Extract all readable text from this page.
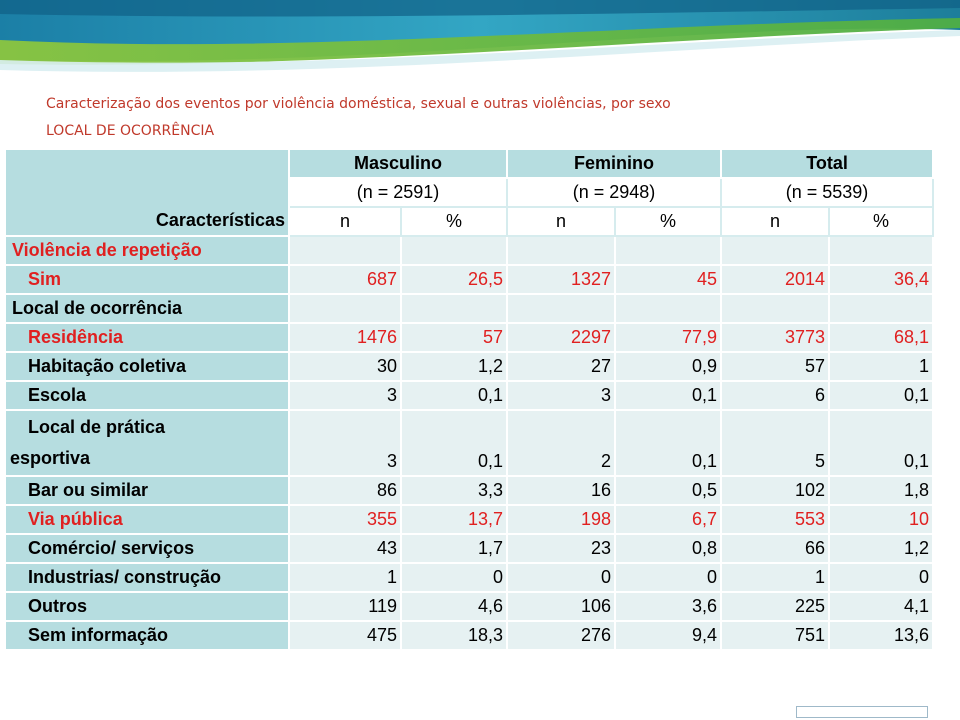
Caracterização dos eventos por violência doméstica, sexual e outras violências, por sexo
LOCAL DE OCORRÊNCIA
Características	Masculino		Feminino		Total	
	(n = 2591)		(n = 2948)		(n = 5539)	
	n	%	n	%	n	%
Violência de repetição						
Sim	687	26,5	1327	45	2014	36,4
Local de ocorrência						
Residência	1476	57	2297	77,9	3773	68,1
Habitação coletiva	30	1,2	27	0,9	57	1
Escola	3	0,1	3	0,1	6	0,1
Local de prática
esportiva	3	0,1	2	0,1	5	0,1
Bar ou similar	86	3,3	16	0,5	102	1,8
Via pública	355	13,7	198	6,7	553	10
Comércio/ serviços	43	1,7	23	0,8	66	1,2
Industrias/ construção	1	0	0	0	1	0
Outros	119	4,6	106	3,6	225	4,1
Sem informação	475	18,3	276	9,4	751	13,6
